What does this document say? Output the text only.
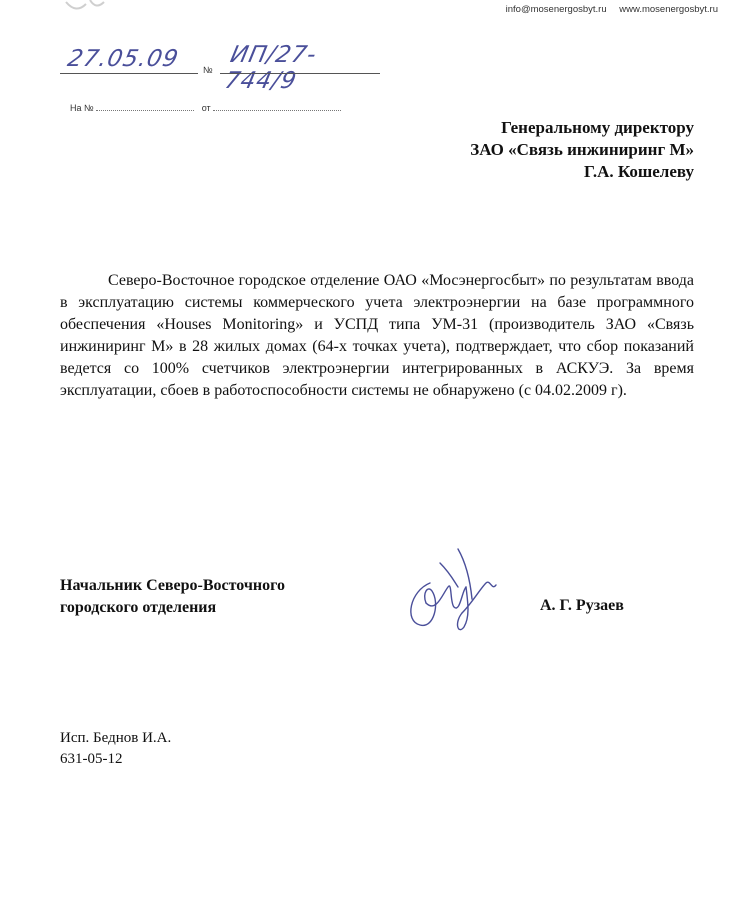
info@mosenergosbyt.ru www.mosenergosbyt.ru
27.05.09 №
ИП/27-744/9
На №	от
Генеральному директору
ЗАО «Связь инжиниринг М»
Г.А. Кошелеву

Северо-Восточное городское отделение ОАО «Мосэнергосбыт» по результатам ввода в эксплуатацию системы коммерческого учета электроэнергии на базе программного обеспечения «Houses Monitoring» и УСПД типа УМ-31 (производитель ЗАО «Связь инжиниринг М» в 28 жилых домах (64-х точках учета), подтверждает, что сбор показаний ведется со 100% счетчиков электроэнергии интегрированных в АСКУЭ. За время эксплуатации, сбоев в работоспособности системы не обнаружено (с 04.02.2009 г).

Начальник Северо-Восточного
городского отделения	А. Г. Рузаев
Исп. Беднов И.А.
631-05-12
